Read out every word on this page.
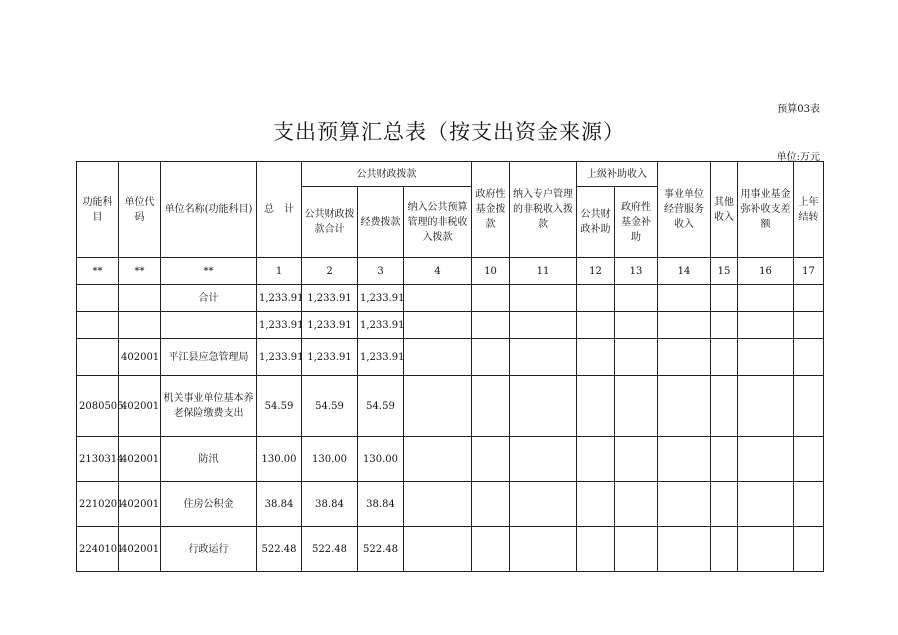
预算03表
支出预算汇总表（按支出资金来源）
单位:万元
功能科目	单位代码	单位名称(功能科目)	总　计	公共财政拨款			政府性基金拨款	纳入专户管理的非税收入拨款	上级补助收入		事业单位经营服务收入	其他收入	用事业基金弥补收支差额	上年结转
				公共财政拨款合计	经费拨款	纳入公共预算管理的非税收入拨款			公共财政补助	政府性基金补助				
**	**	**	1	2	3	4	10	11	12	13	14	15	16	17
		合计	1,233.91	1,233.91	1,233.91									
			1,233.91	1,233.91	1,233.91									
	402001	平江县应急管理局	1,233.91	1,233.91	1,233.91									
2080505	402001	机关事业单位基本养老保险缴费支出	54.59	54.59	54.59									
2130314	402001	防汛	130.00	130.00	130.00									
2210201	402001	住房公积金	38.84	38.84	38.84									
2240101	402001	行政运行	522.48	522.48	522.48									
